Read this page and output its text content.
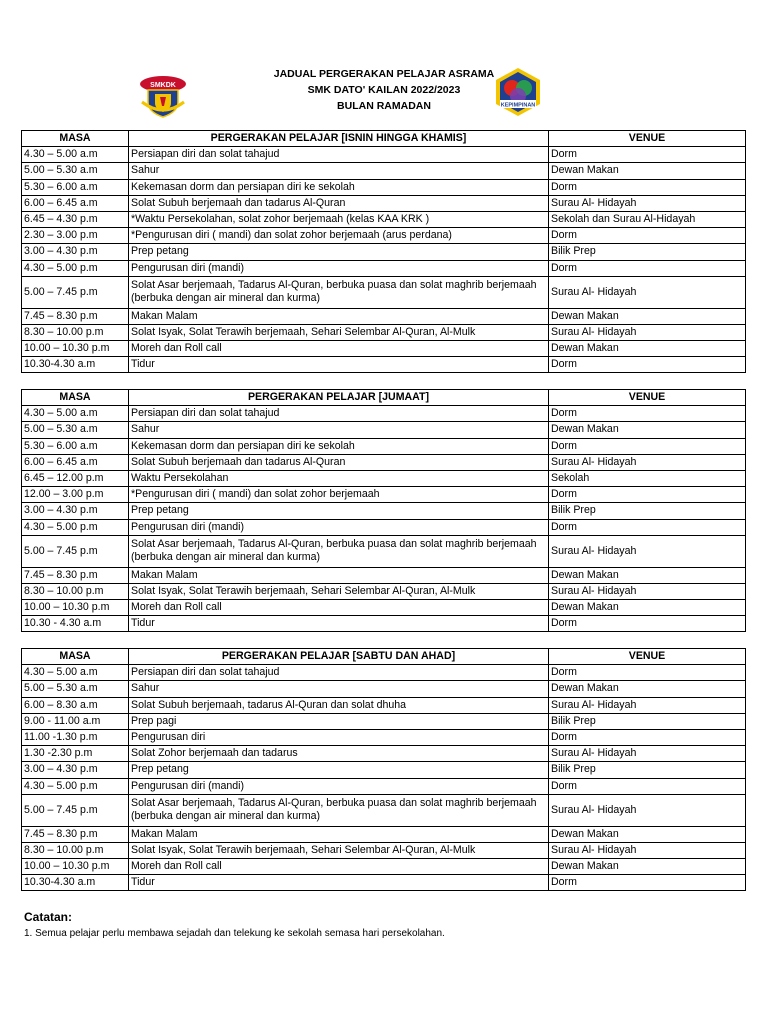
SMKDK
KEPIMPINAN
JADUAL PERGERAKAN PELAJAR ASRAMA
SMK DATO' KAILAN 2022/2023
BULAN RAMADAN
MASA	PERGERAKAN PELAJAR [ISNIN HINGGA KHAMIS]	VENUE
4.30 – 5.00 a.m	Persiapan diri dan solat tahajud	Dorm
5.00 – 5.30 a.m	Sahur	Dewan Makan
5.30 – 6.00 a.m	Kekemasan dorm dan persiapan diri ke sekolah	Dorm
6.00 – 6.45 a.m	Solat Subuh berjemaah dan tadarus Al-Quran	Surau Al- Hidayah
6.45 – 4.30 p.m	*Waktu Persekolahan, solat zohor berjemaah (kelas KAA KRK )	Sekolah dan Surau Al-Hidayah
2.30 – 3.00 p.m	*Pengurusan diri ( mandi) dan solat zohor berjemaah (arus perdana)	Dorm
3.00 – 4.30 p.m	Prep petang	Bilik Prep
4.30 – 5.00 p.m	Pengurusan diri (mandi)	Dorm
5.00 – 7.45 p.m	Solat Asar berjemaah, Tadarus Al-Quran, berbuka puasa dan solat maghrib berjemaah (berbuka dengan air mineral dan kurma)	Surau Al- Hidayah
7.45 – 8.30 p.m	Makan Malam	Dewan Makan
8.30 – 10.00 p.m	Solat Isyak, Solat Terawih berjemaah, Sehari Selembar Al-Quran, Al-Mulk	Surau Al- Hidayah
10.00 – 10.30 p.m	Moreh dan Roll call	Dewan Makan
10.30-4.30 a.m	Tidur	Dorm
MASA	PERGERAKAN PELAJAR [JUMAAT]	VENUE
4.30 – 5.00 a.m	Persiapan diri dan solat tahajud	Dorm
5.00 – 5.30 a.m	Sahur	Dewan Makan
5.30 – 6.00 a.m	Kekemasan dorm dan persiapan diri ke sekolah	Dorm
6.00 – 6.45 a.m	Solat Subuh berjemaah dan tadarus Al-Quran	Surau Al- Hidayah
6.45 – 12.00 p.m	Waktu Persekolahan	Sekolah
12.00 – 3.00 p.m	*Pengurusan diri ( mandi) dan solat zohor berjemaah	Dorm
3.00 – 4.30 p.m	Prep petang	Bilik Prep
4.30 – 5.00 p.m	Pengurusan diri (mandi)	Dorm
5.00 – 7.45 p.m	Solat Asar berjemaah, Tadarus Al-Quran, berbuka puasa dan solat maghrib berjemaah (berbuka dengan air mineral dan kurma)	Surau Al- Hidayah
7.45 – 8.30 p.m	Makan Malam	Dewan Makan
8.30 – 10.00 p.m	Solat Isyak, Solat Terawih berjemaah, Sehari Selembar Al-Quran, Al-Mulk	Surau Al- Hidayah
10.00 – 10.30 p.m	Moreh dan Roll call	Dewan Makan
10.30 - 4.30 a.m	Tidur	Dorm
MASA	PERGERAKAN PELAJAR [SABTU DAN AHAD]	VENUE
4.30 – 5.00 a.m	Persiapan diri dan solat tahajud	Dorm
5.00 – 5.30 a.m	Sahur	Dewan Makan
6.00 – 8.30 a.m	Solat Subuh berjemaah, tadarus Al-Quran dan solat dhuha	Surau Al- Hidayah
9.00 - 11.00 a.m	Prep pagi	Bilik Prep
11.00 -1.30 p.m	Pengurusan diri	Dorm
1.30 -2.30 p.m	Solat Zohor berjemaah dan tadarus	Surau Al- Hidayah
3.00 – 4.30 p.m	Prep petang	Bilik Prep
4.30 – 5.00 p.m	Pengurusan diri (mandi)	Dorm
5.00 – 7.45 p.m	Solat Asar berjemaah, Tadarus Al-Quran, berbuka puasa dan solat maghrib berjemaah (berbuka dengan air mineral dan kurma)	Surau Al- Hidayah
7.45 – 8.30 p.m	Makan Malam	Dewan Makan
8.30 – 10.00 p.m	Solat Isyak, Solat Terawih berjemaah, Sehari Selembar Al-Quran, Al-Mulk	Surau Al- Hidayah
10.00 – 10.30 p.m	Moreh dan Roll call	Dewan Makan
10.30-4.30 a.m	Tidur	Dorm
Catatan:
1. Semua pelajar perlu membawa sejadah dan telekung ke sekolah semasa hari persekolahan.
